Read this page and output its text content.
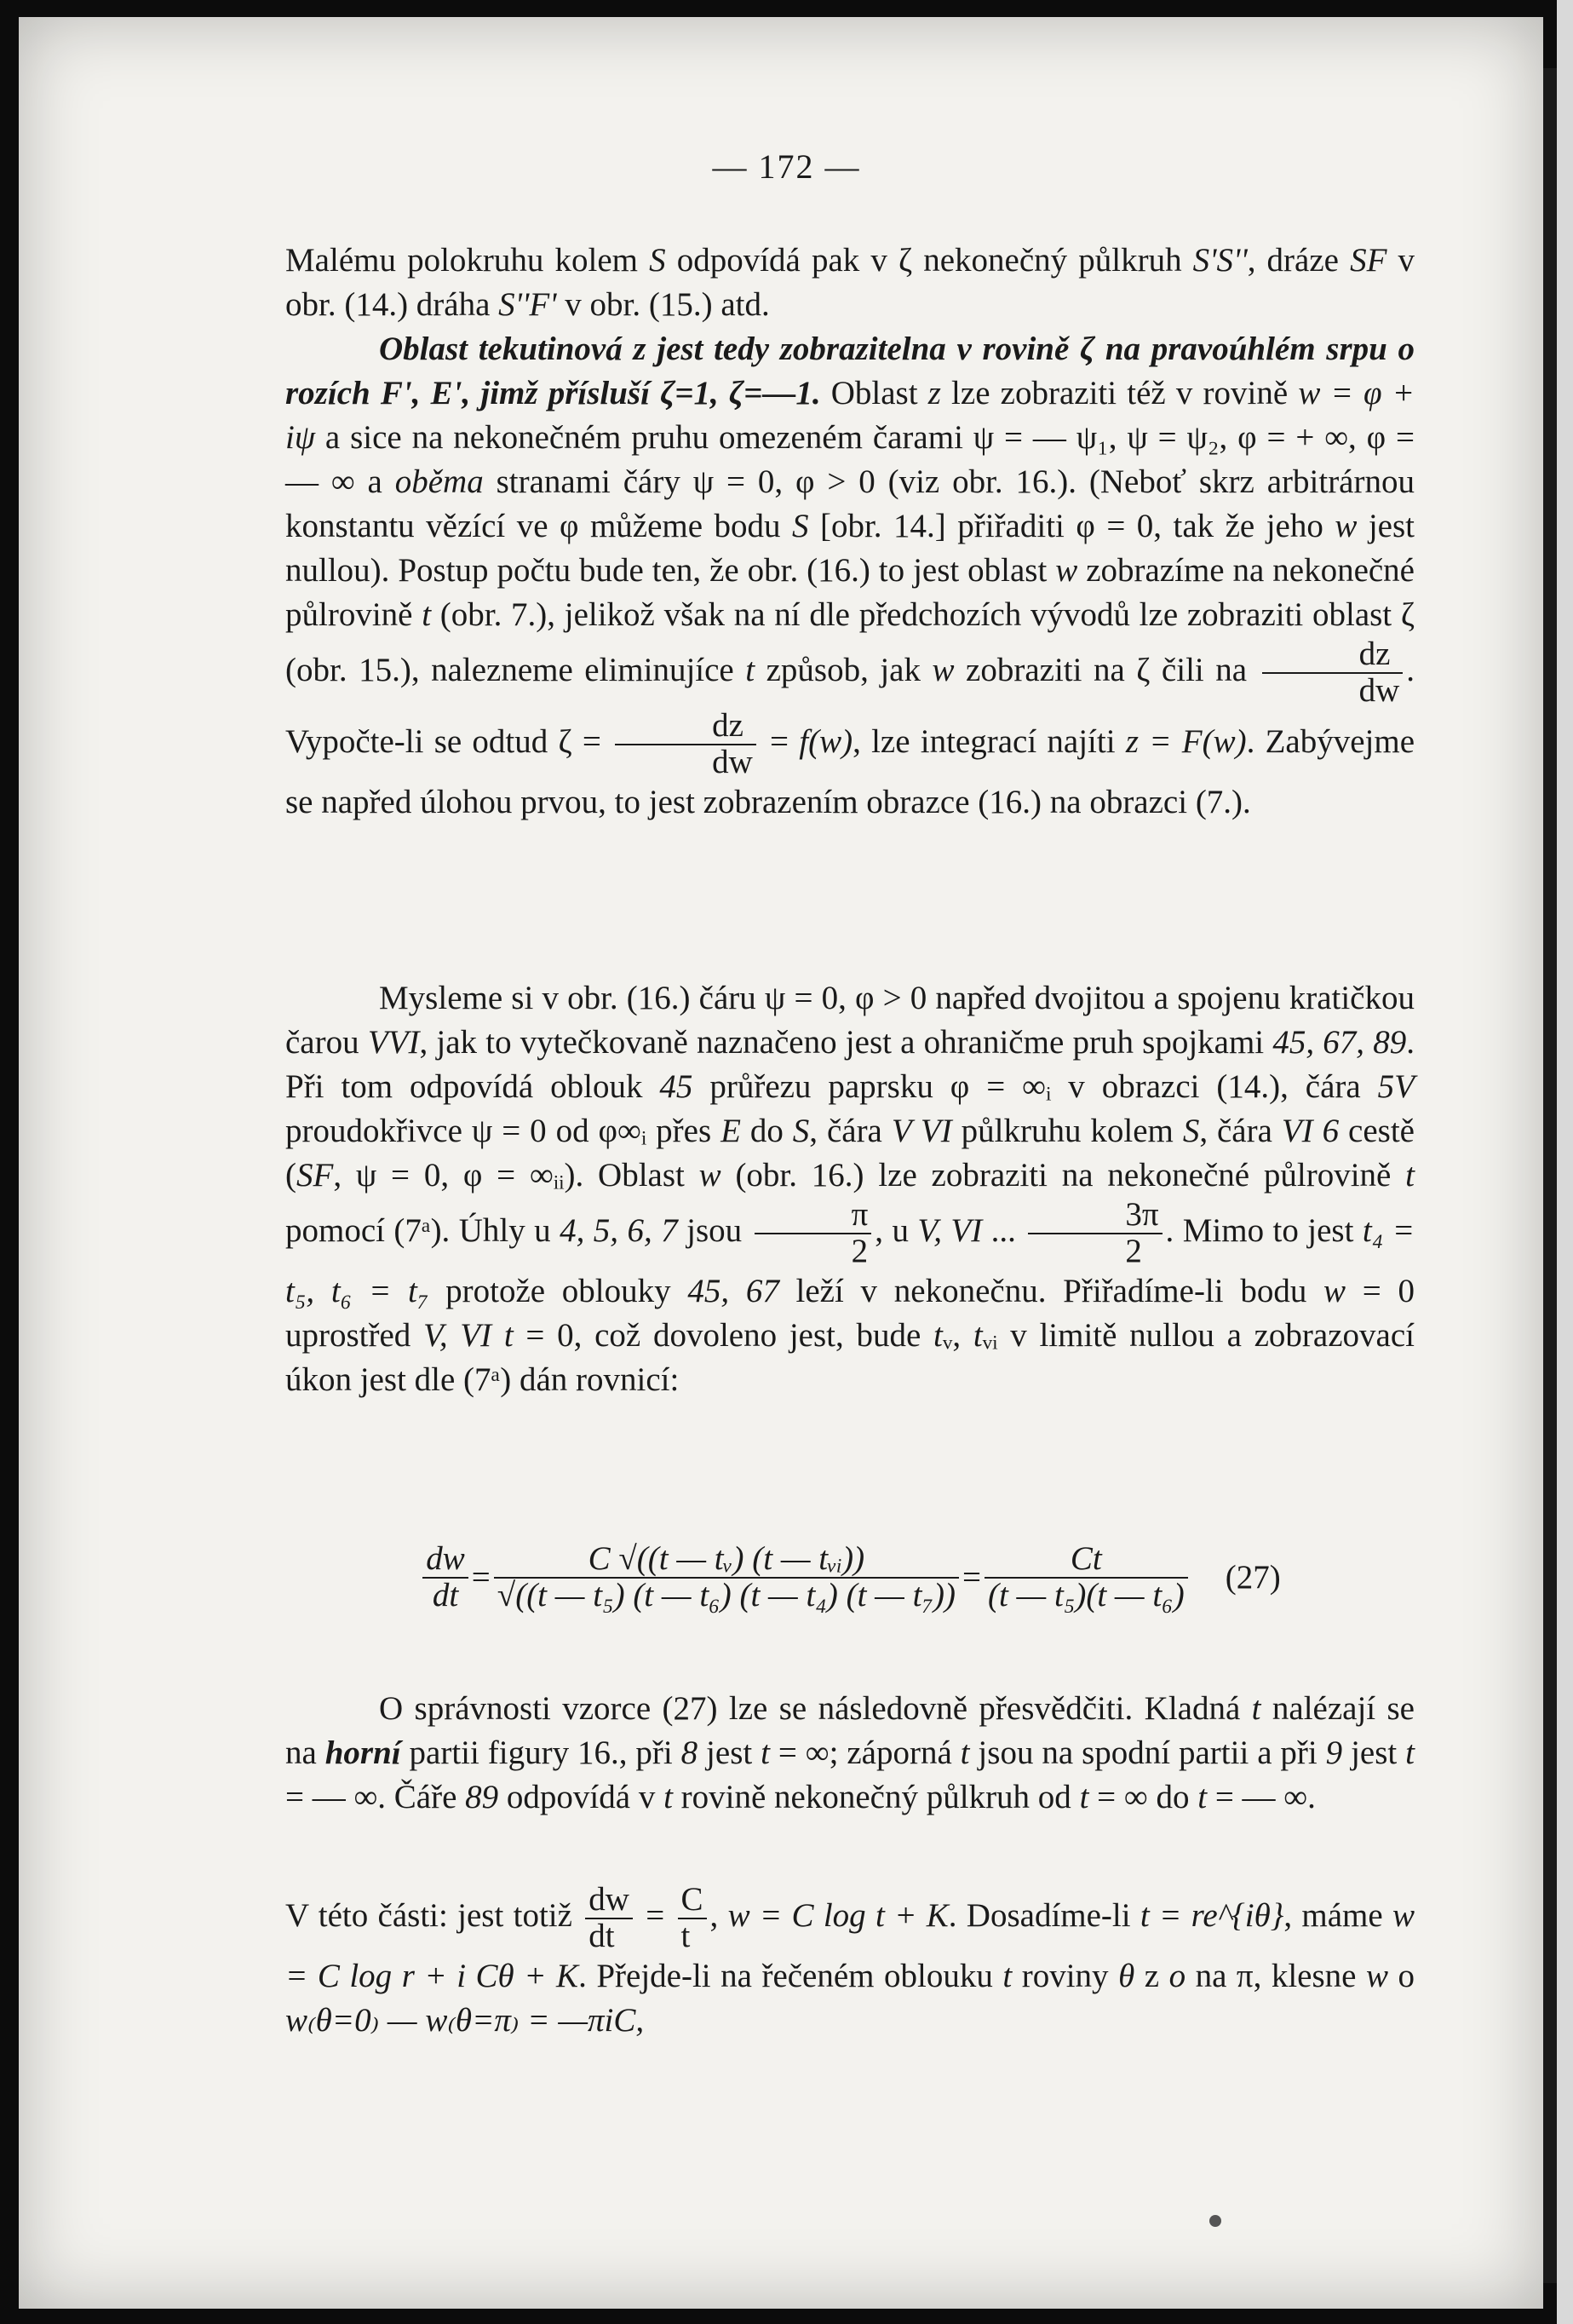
— 172 —

Malému polokruhu kolem S odpovídá pak v ζ nekonečný půlkruh S'S'', dráze SF v obr. (14.) dráha S''F' v obr. (15.) atd.

Oblast tekutinová z jest tedy zobrazitelna v rovině ζ na pravoúhlém srpu o rozích F', E', jimž přísluší ζ=1, ζ=—1. Oblast z lze zobraziti též v rovině w = φ + iψ a sice na nekonečném pruhu omezeném čarami ψ = — ψ₁, ψ = ψ₂, φ = + ∞, φ = — ∞ a oběma stranami čáry ψ = 0, φ > 0 (viz obr. 16.). (Neboť skrz arbitrárnou konstantu vězící ve φ můžeme bodu S [obr. 14.] přiřaditi φ = 0, tak že jeho w jest nullou). Postup počtu bude ten, že obr. (16.) to jest oblast w zobrazíme na nekonečné půlrovině t (obr. 7.), jelikož však na ní dle předchozích vývodů lze zobraziti oblast ζ (obr. 15.), nalezneme eliminujíce t způsob, jak w zobraziti na ζ čili na $\frac{dz}{dw}$ . Vypočte-li se odtud $\zeta = \frac{dz}{dw} = f(w)$, lze integrací najíti z = F(w). Zabývejme se napřed úlohou prvou, to jest zobrazením obrazce (16.) na obrazci (7.).

Mysleme si v obr. (16.) čáru ψ = 0, φ > 0 napřed dvojitou a spojenu kratičkou čarou VVI, jak to vytečkovaně naznačeno jest a ohraničme pruh spojkami 45, 67, 89. Při tom odpovídá oblouk 45 průřezu paprsku φ = ∞ᵢ v obrazci (14.), čára 5V proudokřivce ψ = 0 od φ∞ᵢ přes E do S, čára V VI půlkruhu kolem S, čára VI 6 cestě (SF, ψ = 0, φ = ∞ᵢᵢ). Oblast w (obr. 16.) lze zobraziti na nekonečné půlrovině t pomocí (7ᵃ). Úhly u 4, 5, 6, 7 jsou $\frac{\pi}{2}$ , u V, VI ... $\frac{3\pi}{2}$ . Mimo to jest t₄ = t₅, t₆ = t₇ protože oblouky 45, 67 leží v nekonečnu. Přiřadíme-li bodu w = 0 uprostřed V, VI t = 0, což dovoleno jest, bude tᵥ, tᵥᵢ v limitě nullou a zobrazovací úkon jest dle (7ᵃ) dán rovnicí:

$\frac{dw}{dt} = \frac{\text{C √((t — tᵥ) (t — tᵥᵢ))}}{\text{√((t — t₅) (t — t₆) (t — t₄) (t — t₇))}} = \frac{Ct}{\text{(t — t₅)(t — t₆)}} (27)$

O správnosti vzorce (27) lze se následovně přesvědčiti. Kladná t nalézají se na horní partii figury 16., při 8 jest t = ∞; záporná t jsou na spodní partii a při 9 jest t = — ∞. Čáře 89 odpovídá v t rovině nekonečný půlkruh od t = ∞ do t = — ∞.

V této části: jest totiž $\frac{dw}{dt} = \frac{C}{t}$ , w = C log t + K. Dosadíme-li t = re^{iθ}, máme w = C log r + i Cθ + K. Přejde-li na řečeném oblouku t roviny θ z o na π, klesne w o w₍θ=0₎ — w₍θ=π₎ = —πiC,
